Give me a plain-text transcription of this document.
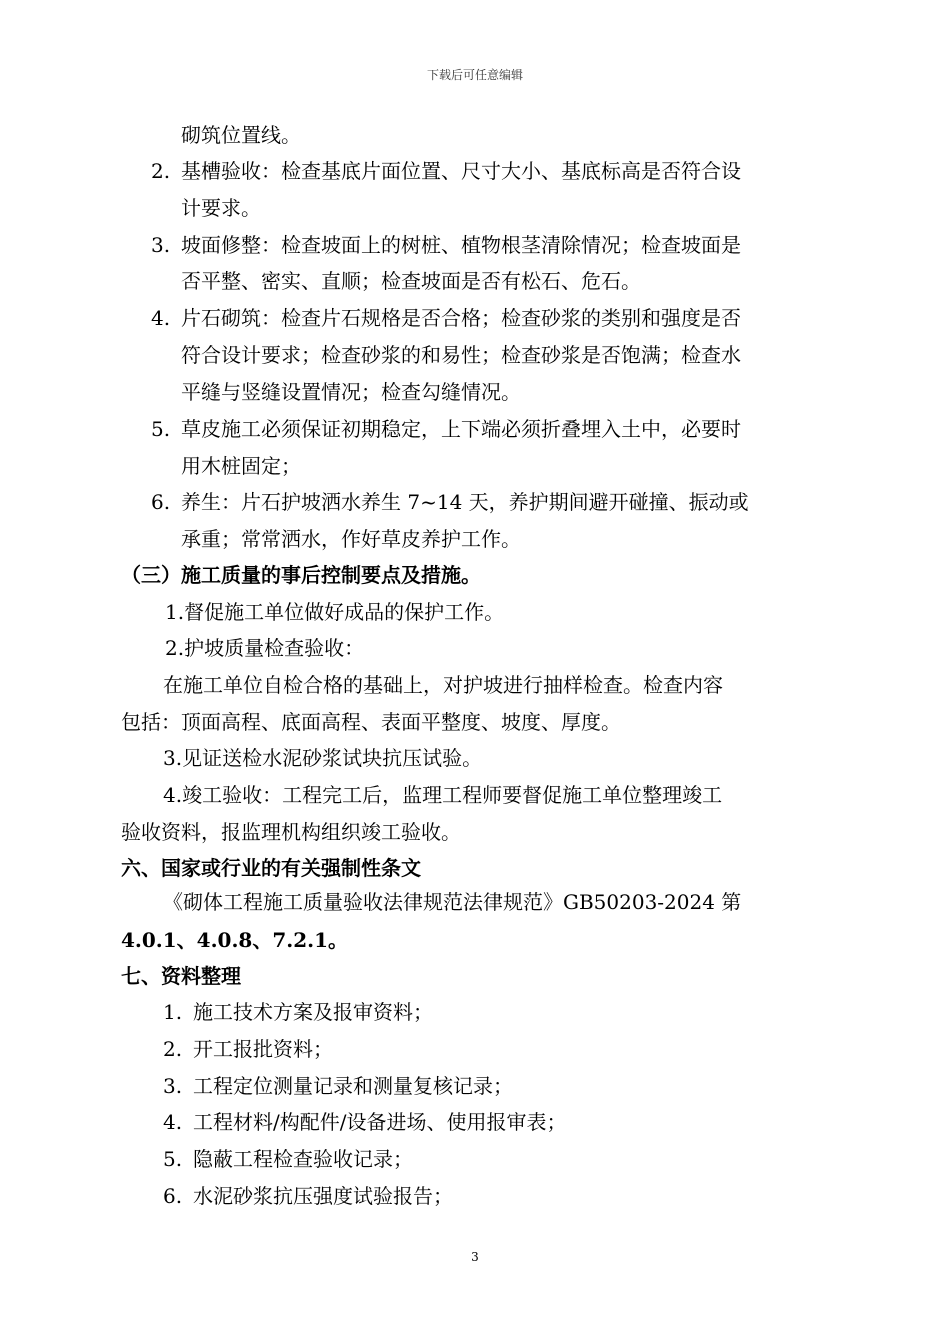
下载后可任意编辑
砌筑位置线。
2. 基槽验收：检查基底片面位置、尺寸大小、基底标高是否符合设
计要求。
3. 坡面修整：检查坡面上的树桩、植物根茎清除情况；检查坡面是
否平整、密实、直顺；检查坡面是否有松石、危石。
4. 片石砌筑：检查片石规格是否合格；检查砂浆的类别和强度是否
符合设计要求；检查砂浆的和易性；检查砂浆是否饱满；检查水
平缝与竖缝设置情况；检查勾缝情况。
5. 草皮施工必须保证初期稳定，上下端必须折叠埋入土中，必要时
用木桩固定；
6. 养生：片石护坡洒水养生 7~14 天，养护期间避开碰撞、振动或
承重；常常洒水，作好草皮养护工作。
（三）施工质量的事后控制要点及措施。
1.督促施工单位做好成品的保护工作。
2.护坡质量检查验收：
在施工单位自检合格的基础上，对护坡进行抽样检查。检查内容
包括：顶面高程、底面高程、表面平整度、坡度、厚度。
3.见证送检水泥砂浆试块抗压试验。
4.竣工验收：工程完工后，监理工程师要督促施工单位整理竣工
验收资料，报监理机构组织竣工验收。
六、国家或行业的有关强制性条文
《砌体工程施工质量验收法律规范法律规范》GB50203-2024 第
4.0.1、4.0.8、7.2.1。
七、资料整理
1. 施工技术方案及报审资料；
2. 开工报批资料；
3. 工程定位测量记录和测量复核记录；
4. 工程材料/构配件/设备进场、使用报审表；
5. 隐蔽工程检查验收记录；
6. 水泥砂浆抗压强度试验报告；
3
